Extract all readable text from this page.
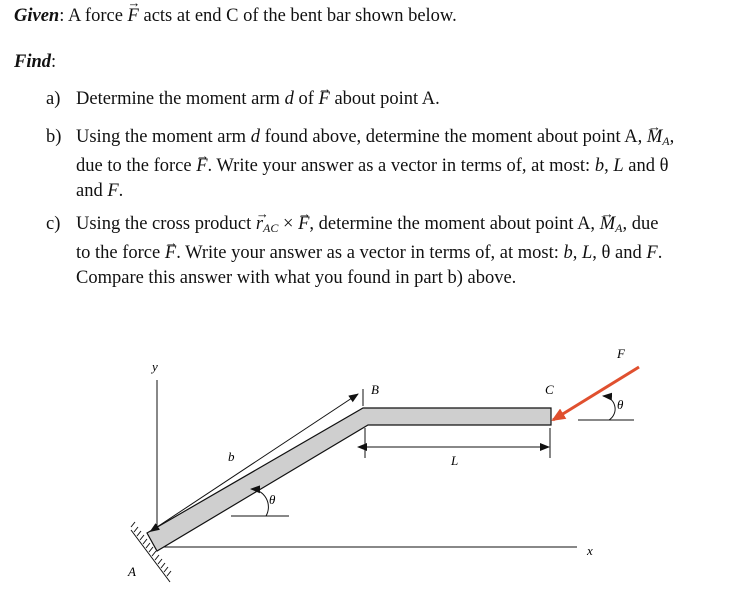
Given: A force → F acts at end C of the bent bar shown below.
Find:
a) Determine the moment arm d of → F about point A.
b) Using the moment arm d found above, determine the moment about point A, → $M_A$,
due to the force → F. Write your answer as a vector in terms of, at most: b, L and θ
and F.
c) Using the cross product → $r_{AC}$ × → F, determine the moment about point A, → $M_A$, due
to the force → F. Write your answer as a vector in terms of, at most: b, L, θ and F.
Compare this answer with what you found in part b) above.
y
x
A
B	C
F
b	L
θ
θ
